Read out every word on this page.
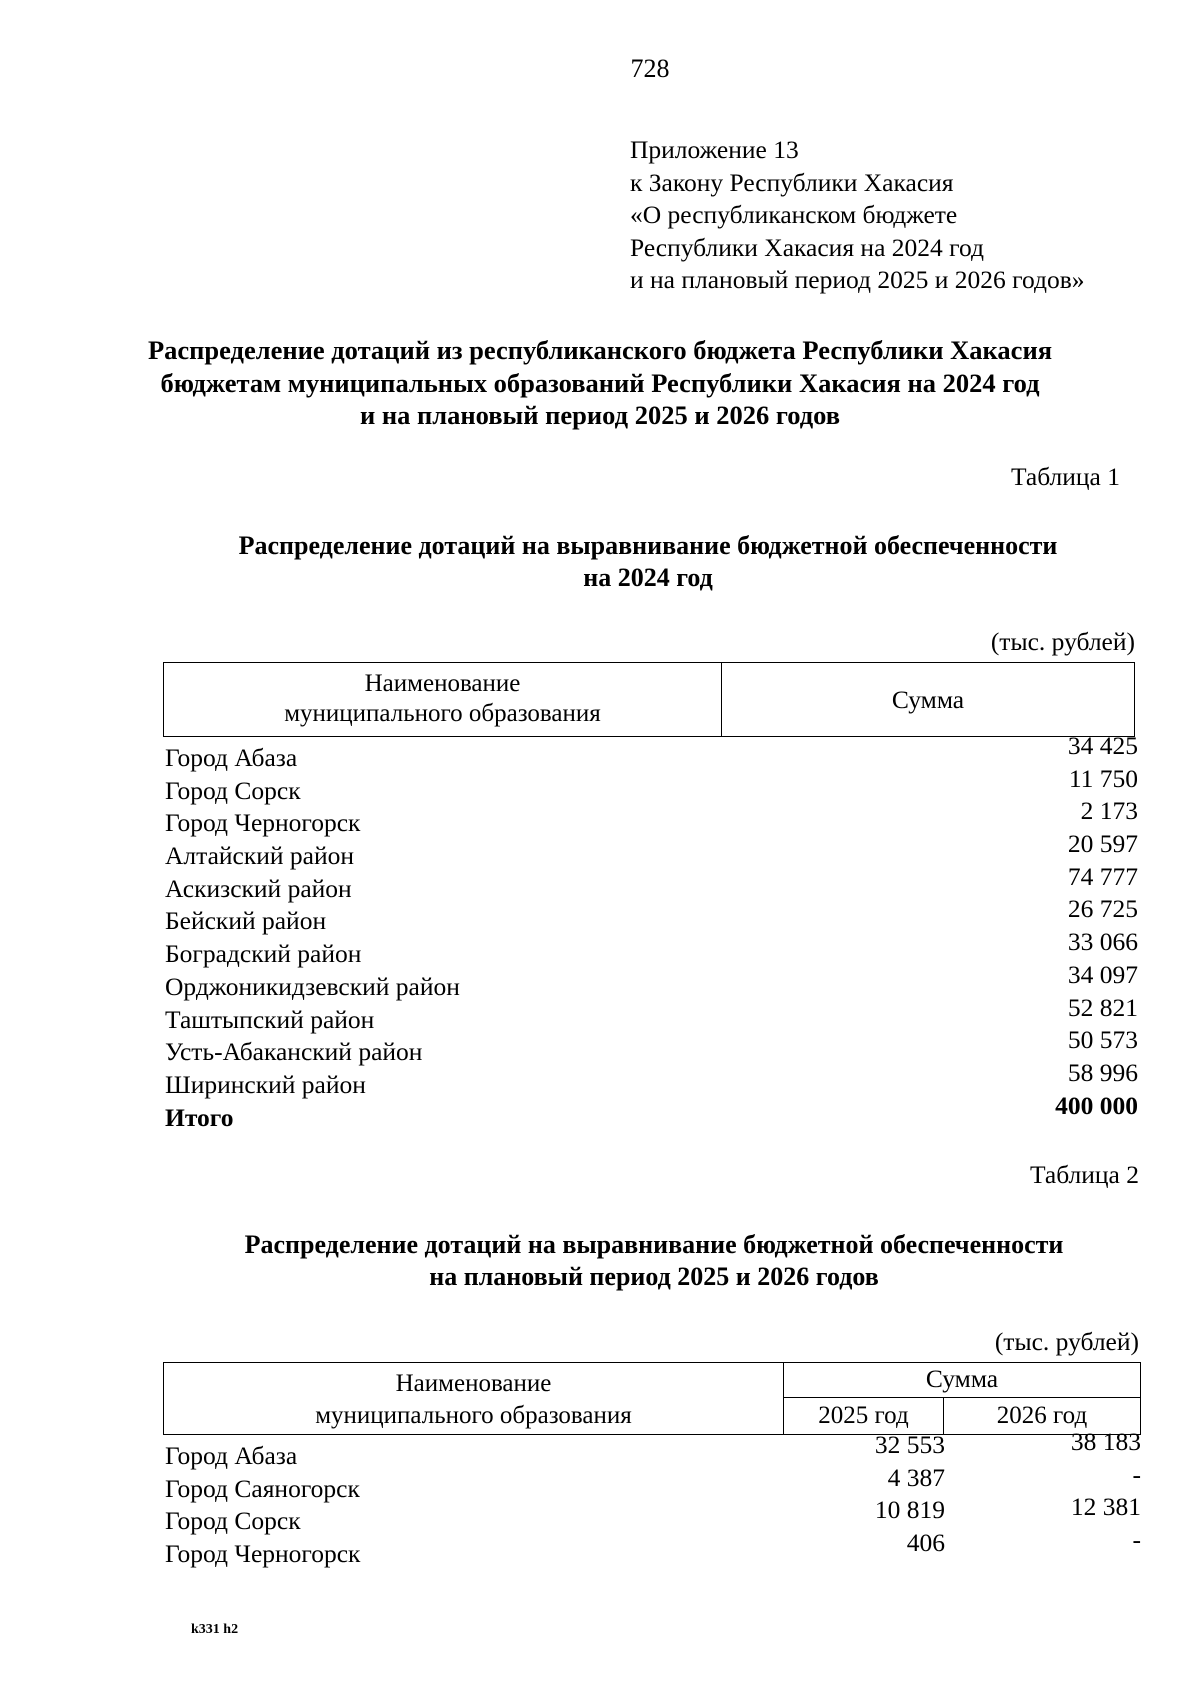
728
Приложение 13
к Закону Республики Хакасия
«О республиканском бюджете
Республики Хакасия на 2024 год
и на плановый период 2025 и 2026 годов»
Распределение дотаций из республиканского бюджета Республики Хакасия
бюджетам муниципальных образований Республики Хакасия на 2024 год
и на плановый период 2025 и 2026 годов
Таблица 1
Распределение дотаций на выравнивание бюджетной обеспеченности
на 2024 год
(тыс. рублей)
Наименование
муниципального образования	Сумма
Город Абаза	34 425
Город Сорск	11 750
Город Черногорск	2 173
Алтайский район	20 597
Аскизский район	74 777
Бейский район	26 725
Боградский район	33 066
Орджоникидзевский район	34 097
Таштыпский район	52 821
Усть-Абаканский район	50 573
Ширинский район	58 996
Итого	400 000
Таблица 2
Распределение дотаций на выравнивание бюджетной обеспеченности
на плановый период 2025 и 2026 годов
(тыс. рублей)
Наименование
муниципального образования
Сумма
2025 год	2026 год
Город Абаза	32 553	38 183
Город Саяногорск	4 387	-
Город Сорск	10 819	12 381
Город Черногорск	406	-
k331 h2
